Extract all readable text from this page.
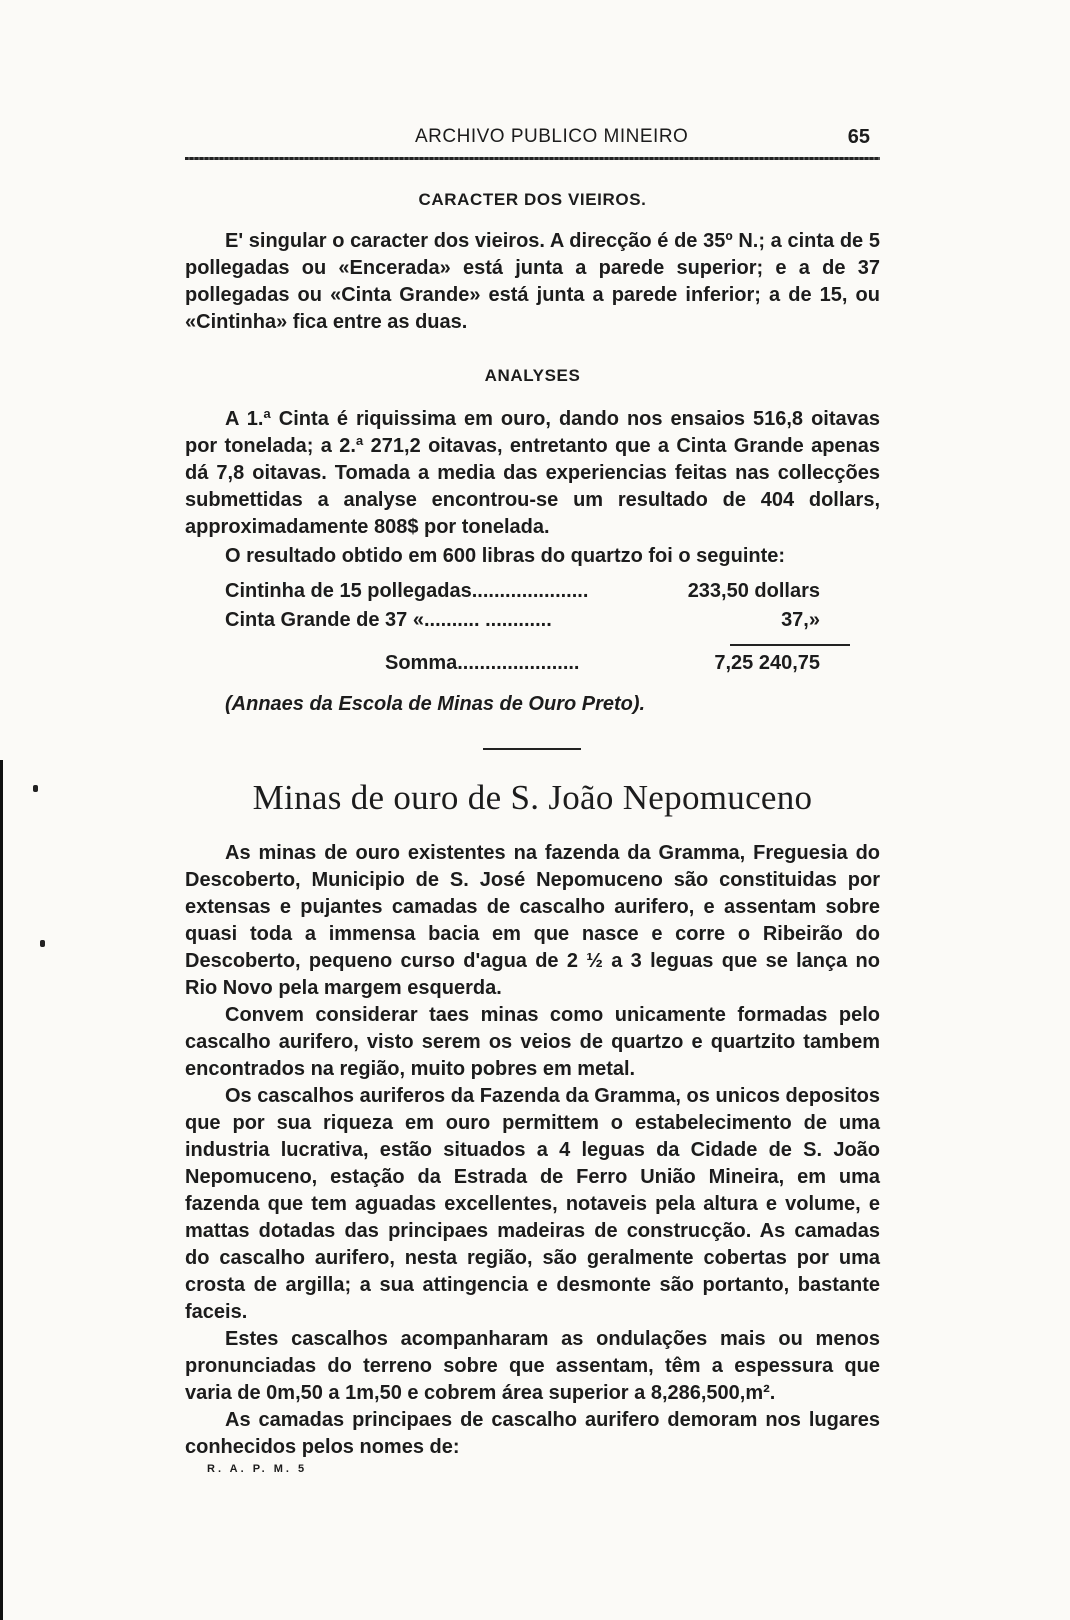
ARCHIVO PUBLICO MINEIRO	65
CARACTER DOS VIEIROS.

E' singular o caracter dos vieiros. A direcção é de 35º N.; a cinta de 5 pollegadas ou «Encerada» está junta a parede superior; e a de 37 pollegadas ou «Cinta Grande» está junta a parede inferior; a de 15, ou «Cintinha» fica entre as duas.

ANALYSES

A 1.ª Cinta é riquissima em ouro, dando nos ensaios 516,8 oitavas por tonelada; a 2.ª 271,2 oitavas, entretanto que a Cinta Grande apenas dá 7,8 oitavas. Tomada a media das experiencias feitas nas collecções submettidas a analyse encontrou-se um resultado de 404 dollars, approximadamente 808$ por tonelada.

O resultado obtido em 600 libras do quartzo foi o seguinte:

Cintinha de 15 pollegadas.....................	233,50 dollars
Cinta Grande de 37 «.......... ............	37,»
Somma......................	7,25 240,75

(Annaes da Escola de Minas de Ouro Preto).

Minas de ouro de S. João Nepomuceno

As minas de ouro existentes na fazenda da Gramma, Freguesia do Descoberto, Municipio de S. José Nepomuceno são constituidas por extensas e pujantes camadas de cascalho aurifero, e assentam sobre quasi toda a immensa bacia em que nasce e corre o Ribeirão do Descoberto, pequeno curso d'agua de 2 ½ a 3 leguas que se lança no Rio Novo pela margem esquerda.

Convem considerar taes minas como unicamente formadas pelo cascalho aurifero, visto serem os veios de quartzo e quartzito tambem encontrados na região, muito pobres em metal.

Os cascalhos auriferos da Fazenda da Gramma, os unicos depositos que por sua riqueza em ouro permittem o estabelecimento de uma industria lucrativa, estão situados a 4 leguas da Cidade de S. João Nepomuceno, estação da Estrada de Ferro União Mineira, em uma fazenda que tem aguadas excellentes, notaveis pela altura e volume, e mattas dotadas das principaes madeiras de construcção. As camadas do cascalho aurifero, nesta região, são geralmente cobertas por uma crosta de argilla; a sua attingencia e desmonte são portanto, bastante faceis.

Estes cascalhos acompanharam as ondulações mais ou menos pronunciadas do terreno sobre que assentam, têm a espessura que varia de 0m,50 a 1m,50 e cobrem área superior a 8,286,500,m².

As camadas principaes de cascalho aurifero demoram nos lugares conhecidos pelos nomes de:

R. A. P. M. 5
